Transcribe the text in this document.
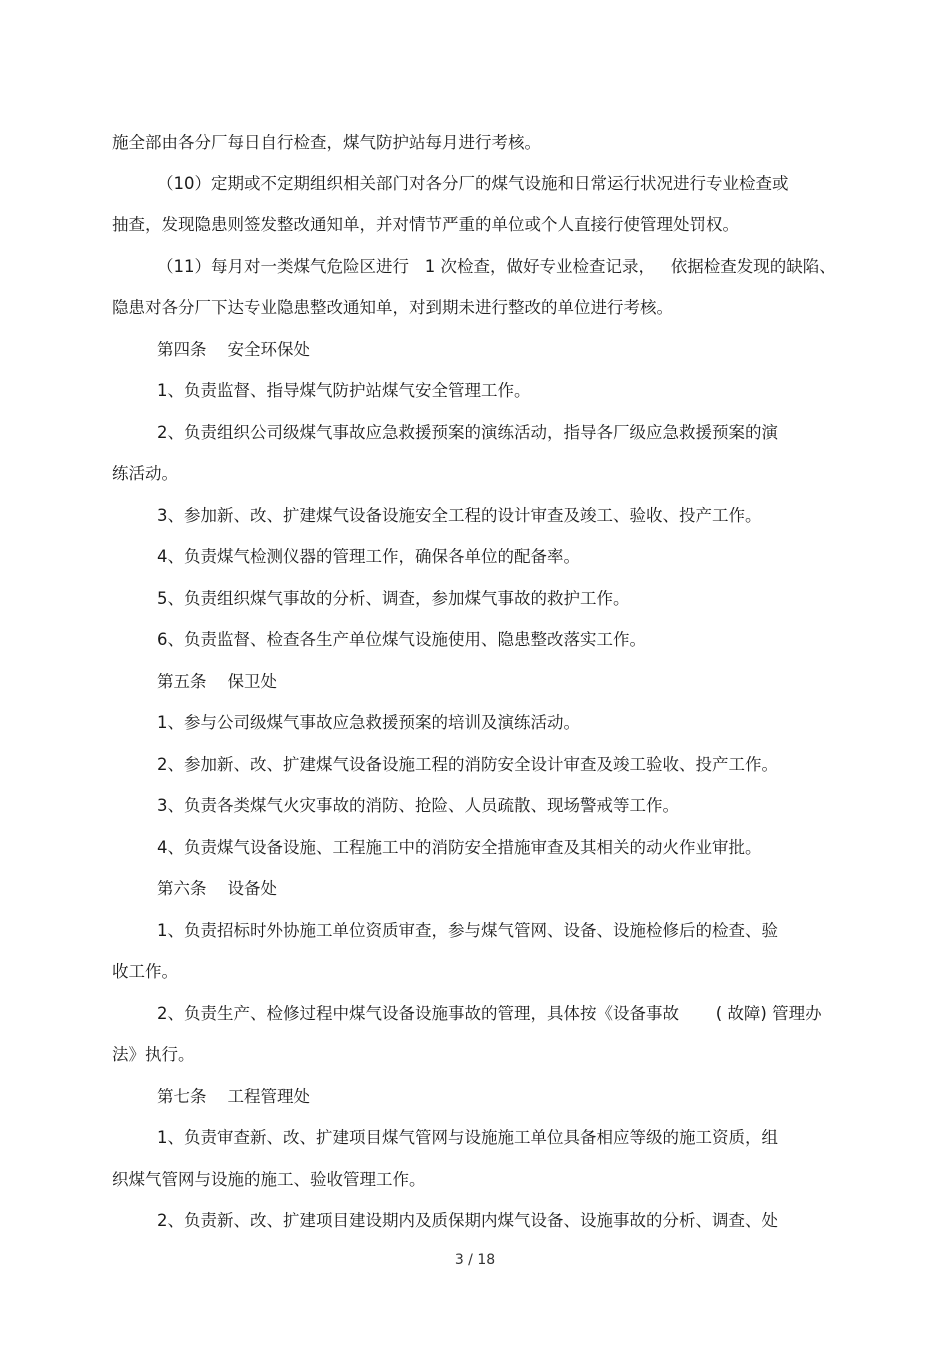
施全部由各分厂每日自行检查，煤气防护站每月进行考核。
（10）定期或不定期组织相关部门对各分厂的煤气设施和日常运行状况进行专业检查或
抽查，发现隐患则签发整改通知单，并对情节严重的单位或个人直接行使管理处罚权。
（11）每月对一类煤气危险区进行   1 次检查，做好专业检查记录，   依据检查发现的缺陷、
隐患对各分厂下达专业隐患整改通知单，对到期未进行整改的单位进行考核。
第四条    安全环保处
1、负责监督、指导煤气防护站煤气安全管理工作。
2、负责组织公司级煤气事故应急救援预案的演练活动，指导各厂级应急救援预案的演
练活动。
3、参加新、改、扩建煤气设备设施安全工程的设计审查及竣工、验收、投产工作。
4、负责煤气检测仪器的管理工作，确保各单位的配备率。
5、负责组织煤气事故的分析、调查，参加煤气事故的救护工作。
6、负责监督、检查各生产单位煤气设施使用、隐患整改落实工作。
第五条    保卫处
1、参与公司级煤气事故应急救援预案的培训及演练活动。
2、参加新、改、扩建煤气设备设施工程的消防安全设计审查及竣工验收、投产工作。
3、负责各类煤气火灾事故的消防、抢险、人员疏散、现场警戒等工作。
4、负责煤气设备设施、工程施工中的消防安全措施审查及其相关的动火作业审批。
第六条    设备处
1、负责招标时外协施工单位资质审查，参与煤气管网、设备、设施检修后的检查、验
收工作。
2、负责生产、检修过程中煤气设备设施事故的管理，具体按《设备事故       ( 故障) 管理办
法》执行。
第七条    工程管理处
1、负责审查新、改、扩建项目煤气管网与设施施工单位具备相应等级的施工资质，组
织煤气管网与设施的施工、验收管理工作。
2、负责新、改、扩建项目建设期内及质保期内煤气设备、设施事故的分析、调查、处
3 / 18
